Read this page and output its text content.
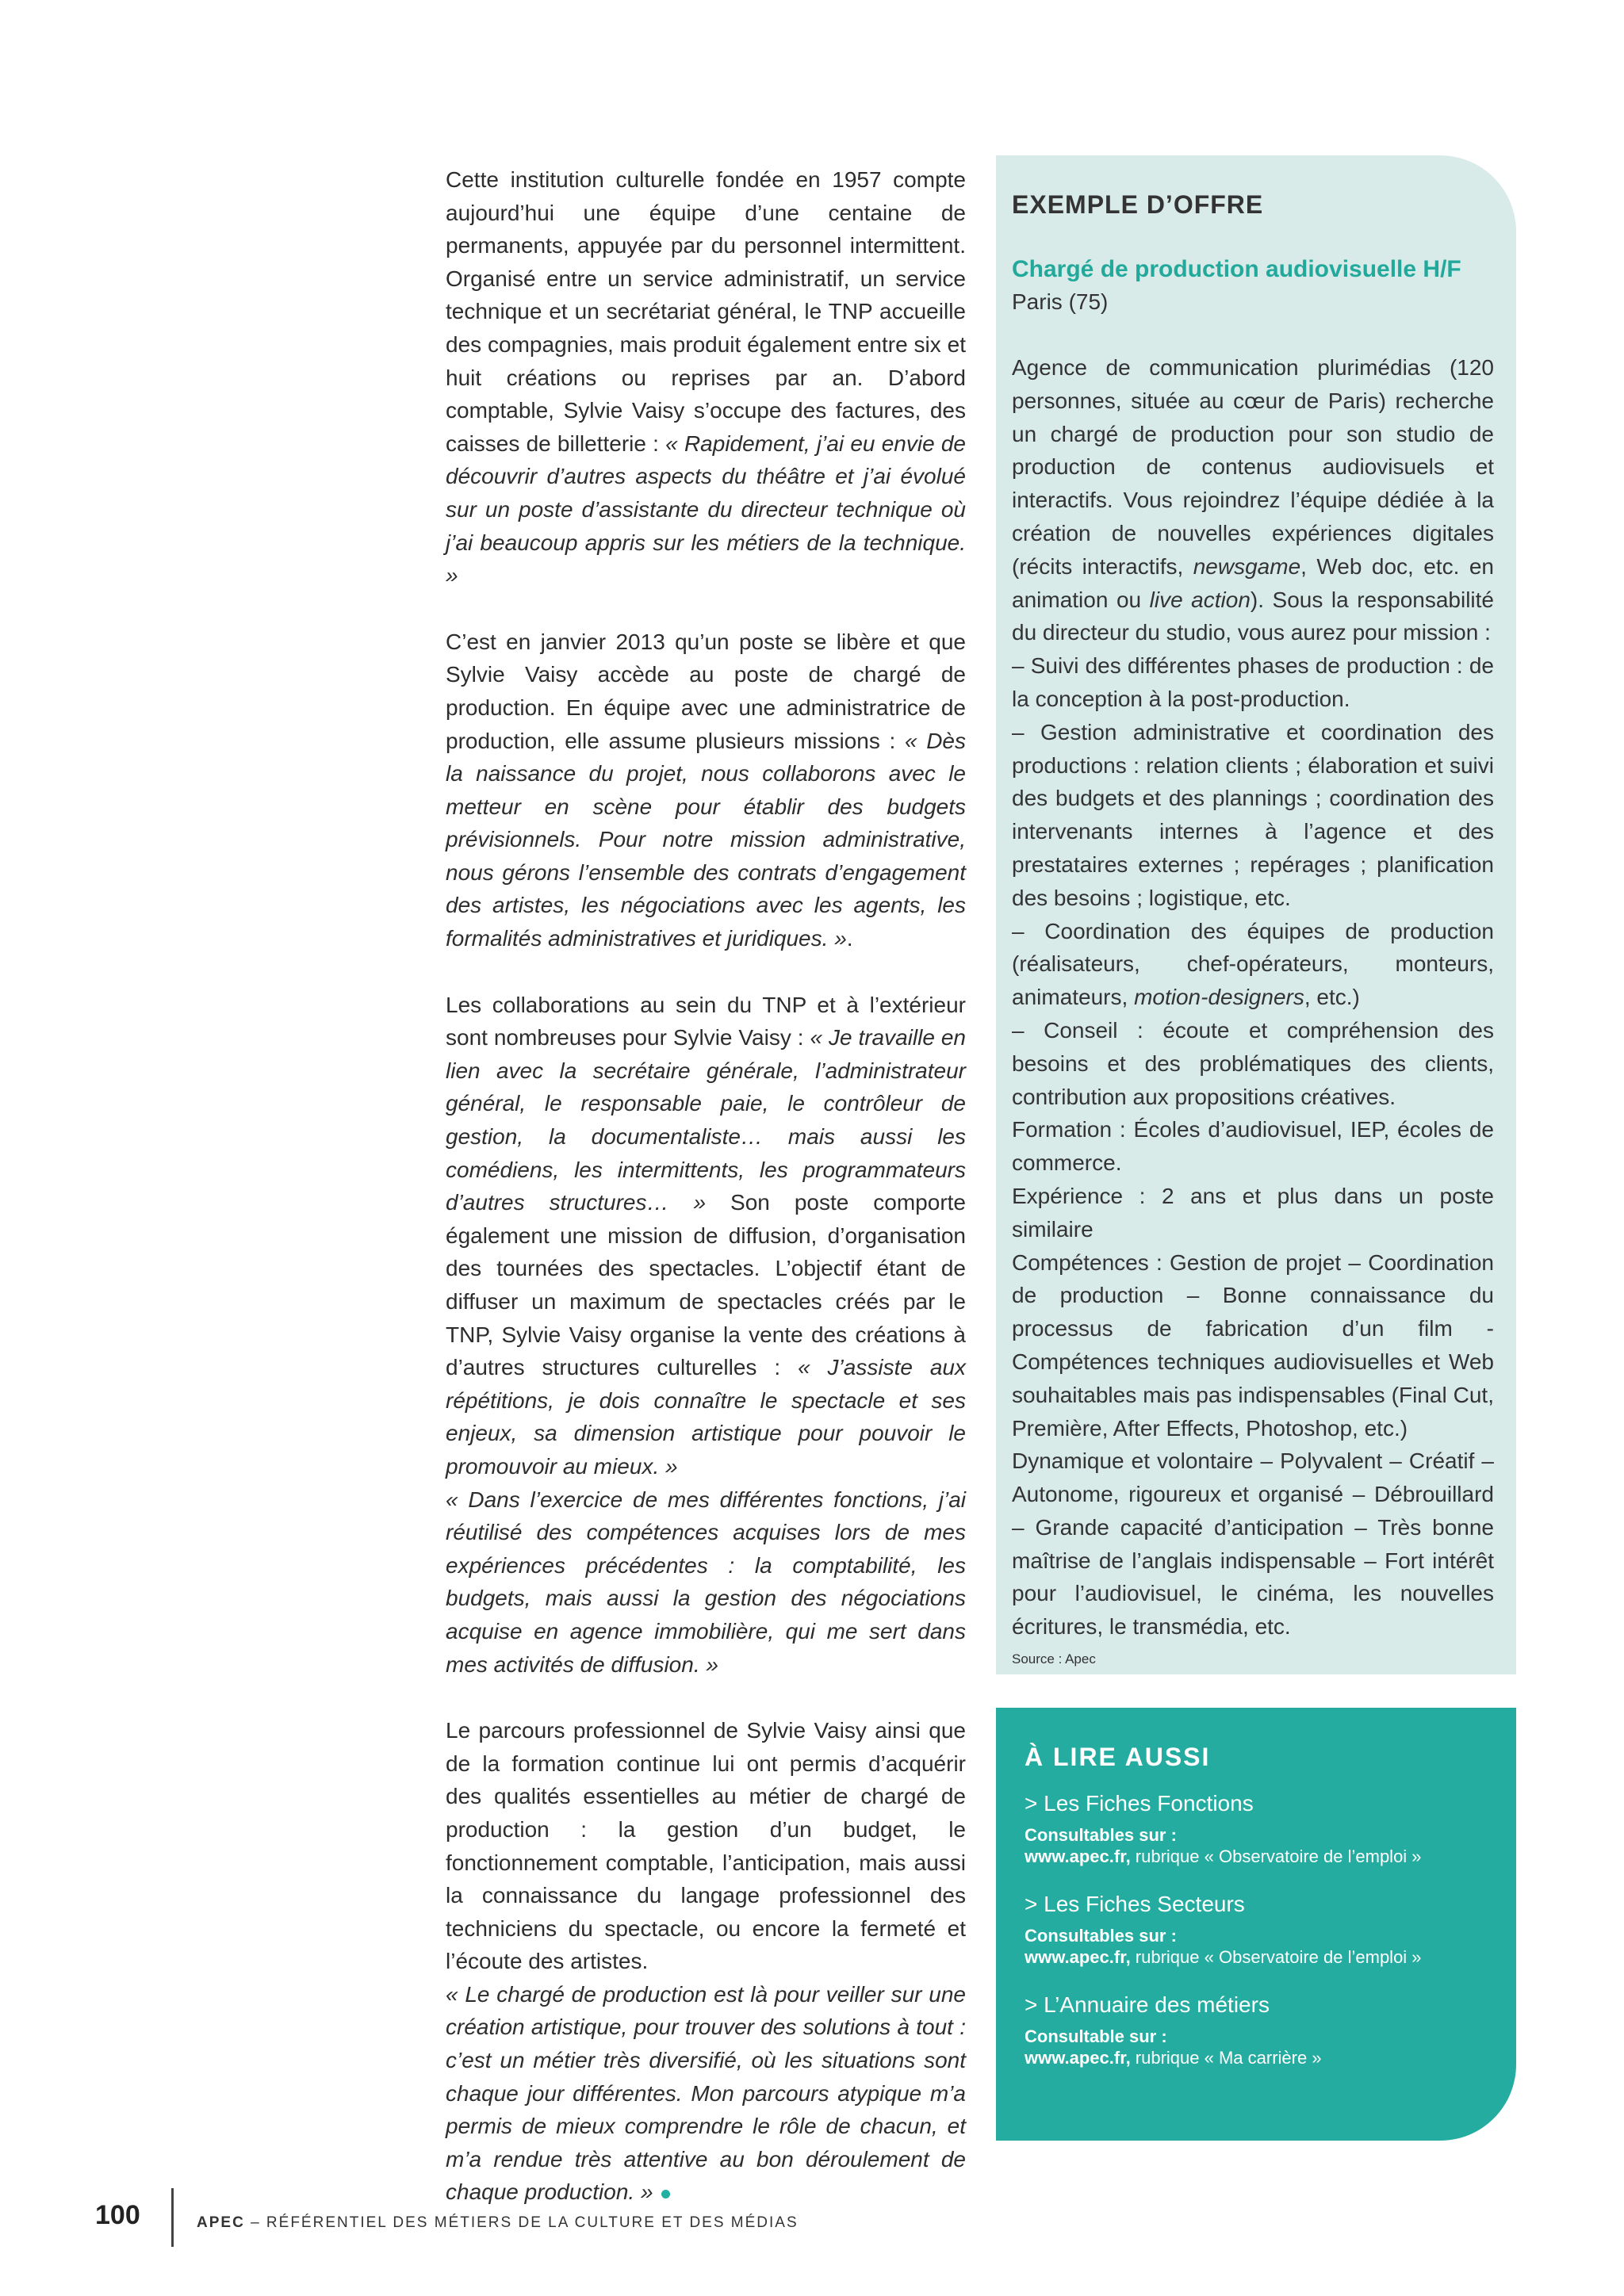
Cette institution culturelle fondée en 1957 compte aujourd’hui une équipe d’une centaine de permanents, appuyée par du personnel intermittent. Organisé entre un service administratif, un service technique et un secrétariat général, le TNP accueille des compagnies, mais produit également entre six et huit créations ou reprises par an. D’abord comptable, Sylvie Vaisy s’occupe des factures, des caisses de billetterie : « Rapidement, j’ai eu envie de découvrir d’autres aspects du théâtre et j’ai évolué sur un poste d’assistante du directeur technique où j’ai beaucoup appris sur les métiers de la technique. »

C’est en janvier 2013 qu’un poste se libère et que Sylvie Vaisy accède au poste de chargé de production. En équipe avec une administratrice de production, elle assume plusieurs missions : « Dès la naissance du projet, nous collaborons avec le metteur en scène pour établir des budgets prévisionnels. Pour notre mission administrative, nous gérons l’ensemble des contrats d’engagement des artistes, les négociations avec les agents, les formalités administratives et juridiques. ».

Les collaborations au sein du TNP et à l’extérieur sont nombreuses pour Sylvie Vaisy : « Je travaille en lien avec la secrétaire générale, l’administrateur général, le responsable paie, le contrôleur de gestion, la documentaliste… mais aussi les comédiens, les intermittents, les programmateurs d’autres structures… » Son poste comporte également une mission de diffusion, d’organisation des tournées des spectacles. L’objectif étant de diffuser un maximum de spectacles créés par le TNP, Sylvie Vaisy organise la vente des créations à d’autres structures culturelles : « J’assiste aux répétitions, je dois connaître le spectacle et ses enjeux, sa dimension artistique pour pouvoir le promouvoir au mieux. »

« Dans l’exercice de mes différentes fonctions, j’ai réutilisé des compétences acquises lors de mes expériences précédentes : la comptabilité, les budgets, mais aussi la gestion des négociations acquise en agence immobilière, qui me sert dans mes activités de diffusion. »

Le parcours professionnel de Sylvie Vaisy ainsi que de la formation continue lui ont permis d’acquérir des qualités essentielles au métier de chargé de production : la gestion d’un budget, le fonctionnement comptable, l’anticipation, mais aussi la connaissance du langage professionnel des techniciens du spectacle, ou encore la fermeté et l’écoute des artistes.

« Le chargé de production est là pour veiller sur une création artistique, pour trouver des solutions à tout : c’est un métier très diversifié, où les situations sont chaque jour différentes. Mon parcours atypique m’a permis de mieux comprendre le rôle de chacun, et m’a rendue très attentive au bon déroulement de chaque production. »

EXEMPLE D’OFFRE
Chargé de production audiovisuelle H/F
Paris (75)
Agence de communication plurimédias (120 personnes, située au cœur de Paris) recherche un chargé de production pour son studio de production de contenus audiovisuels et interactifs. Vous rejoindrez l’équipe dédiée à la création de nouvelles expériences digitales (récits interactifs, newsgame, Web doc, etc. en animation ou live action). Sous la responsabilité du directeur du studio, vous aurez pour mission :
– Suivi des différentes phases de production : de la conception à la post-production.
– Gestion administrative et coordination des productions : relation clients ; élaboration et suivi des budgets et des plannings ; coordination des intervenants internes à l’agence et des prestataires externes ; repérages ; planification des besoins ; logistique, etc.
– Coordination des équipes de production (réalisateurs, chef-opérateurs, monteurs, animateurs, motion-designers, etc.)
– Conseil : écoute et compréhension des besoins et des problématiques des clients, contribution aux propositions créatives.
Formation : Écoles d’audiovisuel, IEP, écoles de commerce.
Expérience : 2 ans et plus dans un poste similaire
Compétences : Gestion de projet – Coordination de production – Bonne connaissance du processus de fabrication d’un film - Compétences techniques audiovisuelles et Web souhaitables mais pas indispensables (Final Cut, Première, After Effects, Photoshop, etc.)
Dynamique et volontaire – Polyvalent – Créatif – Autonome, rigoureux et organisé – Débrouillard – Grande capacité d’anticipation – Très bonne maîtrise de l’anglais indispensable – Fort intérêt pour l’audiovisuel, le cinéma, les nouvelles écritures, le transmédia, etc.
Source : Apec
À LIRE AUSSI
> Les Fiches Fonctions
Consultables sur :
www.apec.fr, rubrique « Observatoire de l’emploi »
> Les Fiches Secteurs
Consultables sur :
www.apec.fr, rubrique « Observatoire de l’emploi »
> L’Annuaire des métiers
Consultable sur :
www.apec.fr, rubrique « Ma carrière »
100	APEC – RÉFÉRENTIEL DES MÉTIERS DE LA CULTURE ET DES MÉDIAS
